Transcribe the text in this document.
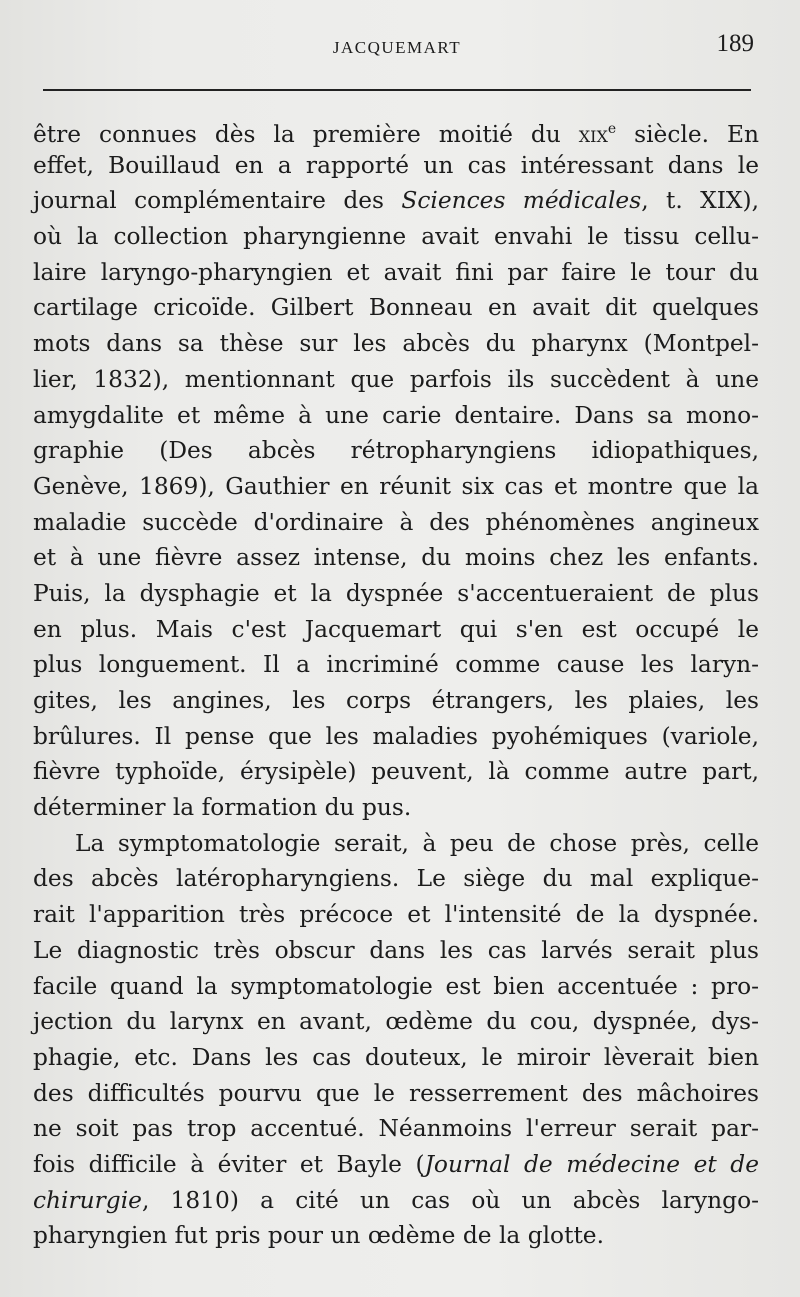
JACQUEMART	189
être connues dès la première moitié du xix$^e$ siècle. En
effet, Bouillaud en a rapporté un cas intéressant dans le
journal complémentaire des Sciences médicales, t. XIX),
où la collection pharyngienne avait envahi le tissu cellu-
laire laryngo-pharyngien et avait fini par faire le tour du
cartilage cricoïde. Gilbert Bonneau en avait dit quelques
mots dans sa thèse sur les abcès du pharynx (Montpel-
lier, 1832), mentionnant que parfois ils succèdent à une
amygdalite et même à une carie dentaire. Dans sa mono-
graphie (Des abcès rétropharyngiens idiopathiques,
Genève, 1869), Gauthier en réunit six cas et montre que la
maladie succède d'ordinaire à des phénomènes angineux
et à une fièvre assez intense, du moins chez les enfants.
Puis, la dysphagie et la dyspnée s'accentueraient de plus
en plus. Mais c'est Jacquemart qui s'en est occupé le
plus longuement. Il a incriminé comme cause les laryn-
gites, les angines, les corps étrangers, les plaies, les
brûlures. Il pense que les maladies pyohémiques (variole,
fièvre typhoïde, érysipèle) peuvent, là comme autre part,
déterminer la formation du pus.
La symptomatologie serait, à peu de chose près, celle
des abcès latéropharyngiens. Le siège du mal explique-
rait l'apparition très précoce et l'intensité de la dyspnée.
Le diagnostic très obscur dans les cas larvés serait plus
facile quand la symptomatologie est bien accentuée : pro-
jection du larynx en avant, œdème du cou, dyspnée, dys-
phagie, etc. Dans les cas douteux, le miroir lèverait bien
des difficultés pourvu que le resserrement des mâchoires
ne soit pas trop accentué. Néanmoins l'erreur serait par-
fois difficile à éviter et Bayle (Journal de médecine et de
chirurgie, 1810) a cité un cas où un abcès laryngo-
pharyngien fut pris pour un œdème de la glotte.
